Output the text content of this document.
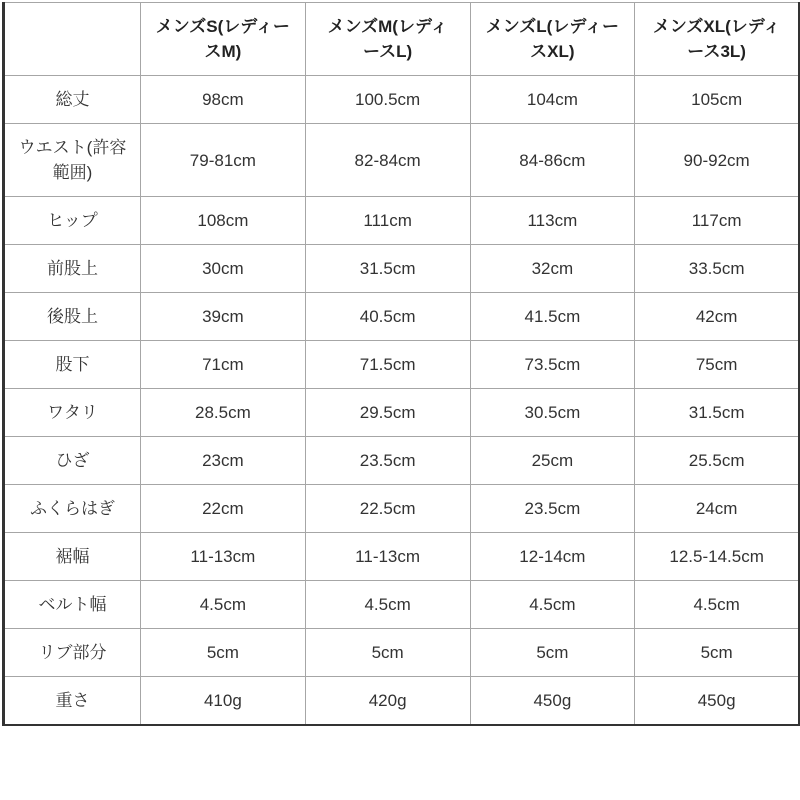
	メンズS(レディースM)	メンズM(レディースL)	メンズL(レディースXL)	メンズXL(レディース3L)
総丈	98cm	100.5cm	104cm	105cm
ウエスト(許容範囲)	79-81cm	82-84cm	84-86cm	90-92cm
ヒップ	108cm	111cm	113cm	117cm
前股上	30cm	31.5cm	32cm	33.5cm
後股上	39cm	40.5cm	41.5cm	42cm
股下	71cm	71.5cm	73.5cm	75cm
ワタリ	28.5cm	29.5cm	30.5cm	31.5cm
ひざ	23cm	23.5cm	25cm	25.5cm
ふくらはぎ	22cm	22.5cm	23.5cm	24cm
裾幅	11-13cm	11-13cm	12-14cm	12.5-14.5cm
ベルト幅	4.5cm	4.5cm	4.5cm	4.5cm
リブ部分	5cm	5cm	5cm	5cm
重さ	410g	420g	450g	450g
